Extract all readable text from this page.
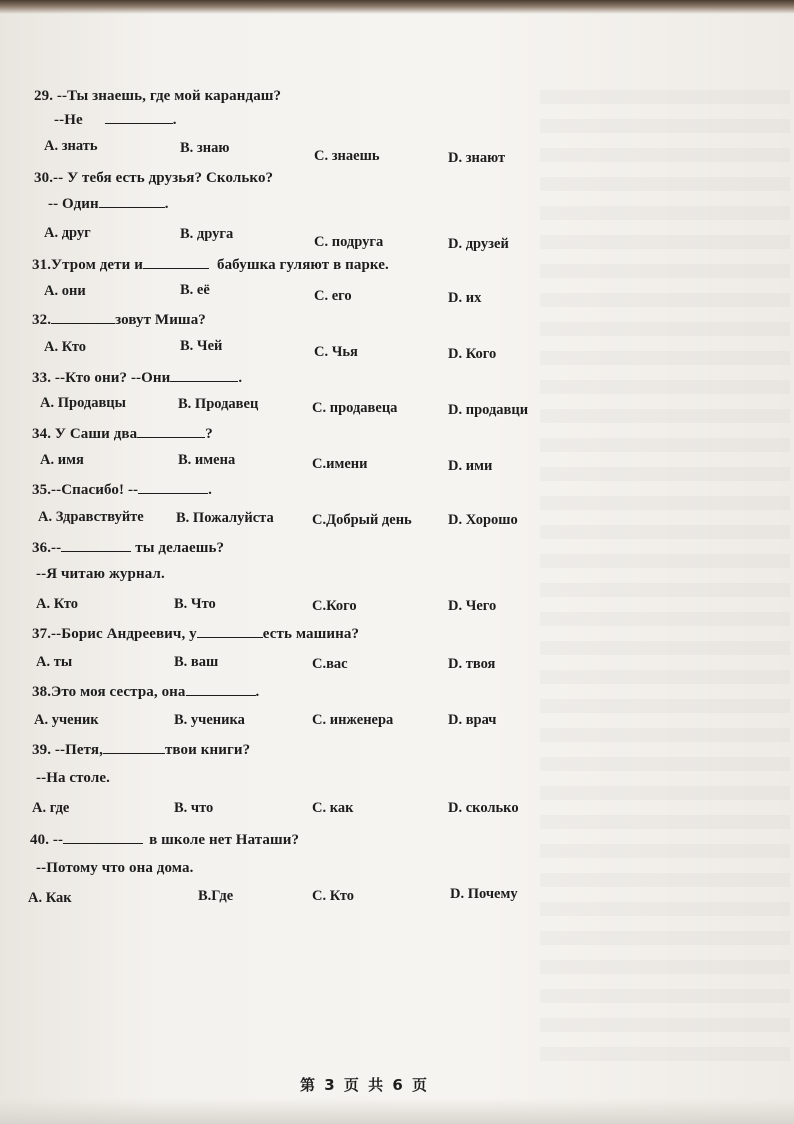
29. --Ты знаешь, где мой карандаш?
--Не	.
A. знать	B. знаю	C. знаешь	D. знают
30.-- У тебя есть друзья? Сколько?
-- Один	.
A. друг	B. друга	C. подруга	D. друзей
31.Утром дети и	бабушка гуляют в парке.
A. они	B. её	C. его	D. их
32.	зовут Миша?
A. Кто	B. Чей	C. Чья	D. Кого
33. --Кто они? --Они	.
A. Продавцы	B. Продавец	C. продавеца	D. продавци
34. У Саши два	?
A. имя	B. имена	C.имени	D. ими
35.--Спасибо! --	.
A. Здравствуйте B. Пожалуйста	C.Добрый день	D. Хорошо
36.--	ты делаешь?
--Я читаю журнал.
A. Кто	B. Что	C.Кого	D. Чего
37.--Борис Андреевич, у	есть машина?
A. ты	B. ваш	C.вас	D. твоя
38.Это моя сестра, она	.
A. ученик	B. ученика	C. инженера	D. врач
39. --Петя,	твои книги?
--На столе.
A. где	B. что	C. как	D. сколько
40. --	в школе нет Наташи?
--Потому что она дома.
A. Как	B.Где	C. Кто	D. Почему
第 3 页 共 6 页
